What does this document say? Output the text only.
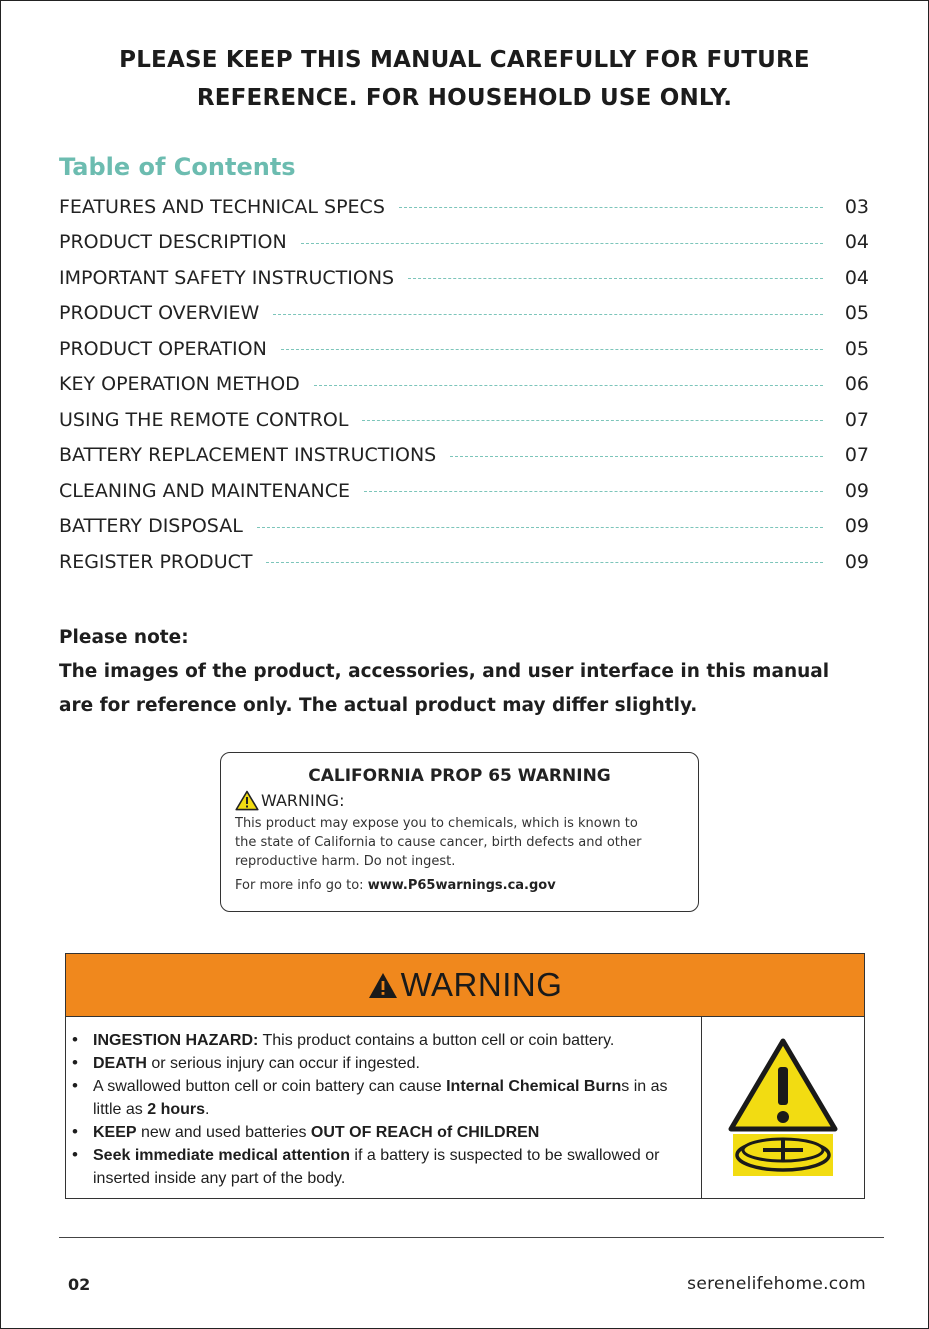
PLEASE KEEP THIS MANUAL CAREFULLY FOR FUTURE
REFERENCE. FOR HOUSEHOLD USE ONLY.
Table of Contents
FEATURES AND TECHNICAL SPECS	03
PRODUCT DESCRIPTION	04
IMPORTANT SAFETY INSTRUCTIONS	04
PRODUCT OVERVIEW	05
PRODUCT OPERATION	05
KEY OPERATION METHOD	06
USING THE REMOTE CONTROL	07
BATTERY REPLACEMENT INSTRUCTIONS	07
CLEANING AND MAINTENANCE	09
BATTERY DISPOSAL	09
REGISTER PRODUCT	09
Please note:
The images of the product, accessories, and user interface in this manual
are for reference only. The actual product may differ slightly.
CALIFORNIA PROP 65 WARNING
WARNING:
This product may expose you to chemicals, which is known to
the state of California to cause cancer, birth defects and other
reproductive harm. Do not ingest.
For more info go to: www.P65warnings.ca.gov
WARNING
• INGESTION HAZARD: This product contains a button cell or coin battery.
• DEATH or serious injury can occur if ingested.
• A swallowed button cell or coin battery can cause Internal Chemical Burns in as little as 2 hours.
• KEEP new and used batteries OUT OF REACH of CHILDREN
• Seek immediate medical attention if a battery is suspected to be swallowed or inserted inside any part of the body.
02	serenelifehome.com
